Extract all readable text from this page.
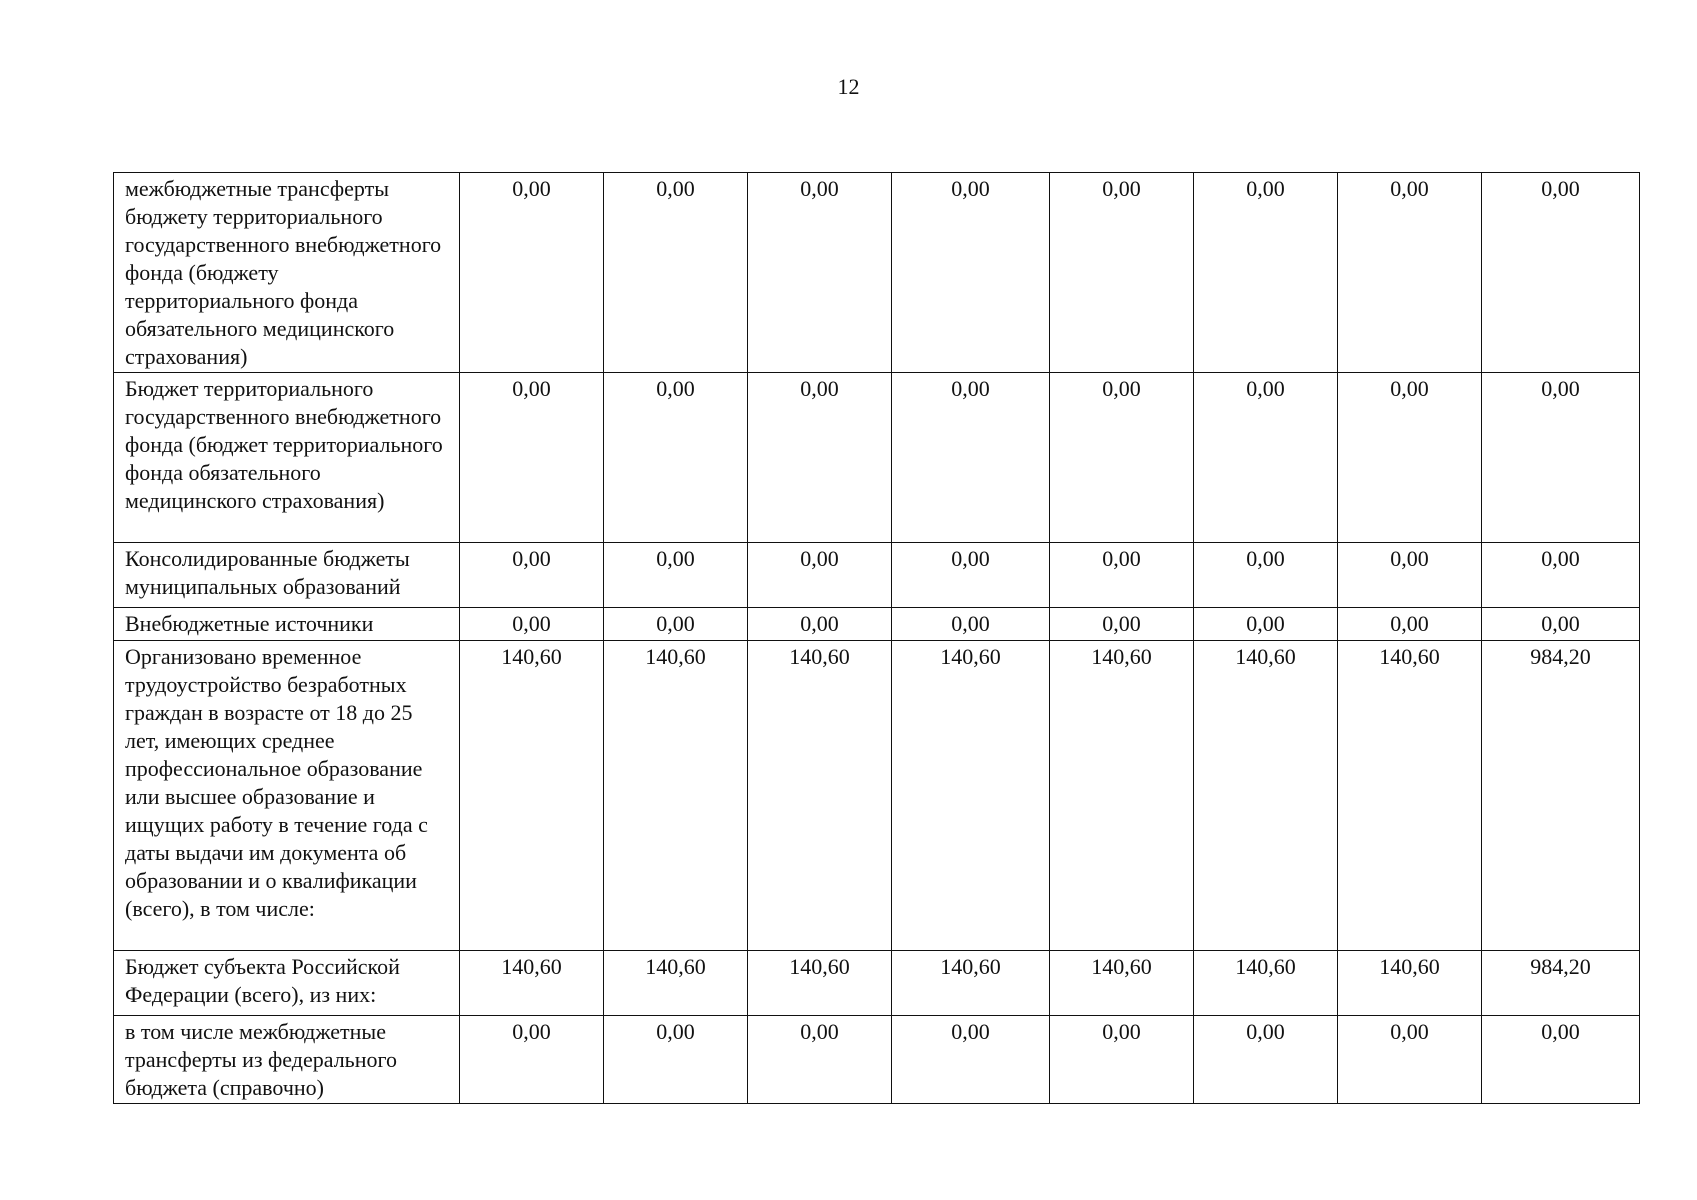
12
межбюджетные трансферты бюджету территориального государственного внебюджетного фонда (бюджету территориального фонда обязательного медицинского страхования)	0,00	0,00	0,00	0,00	0,00	0,00	0,00	0,00
Бюджет территориального государственного внебюджетного фонда (бюджет территориального фонда обязательного медицинского страхования)	0,00	0,00	0,00	0,00	0,00	0,00	0,00	0,00
Консолидированные бюджеты муниципальных образований	0,00	0,00	0,00	0,00	0,00	0,00	0,00	0,00
Внебюджетные источники	0,00	0,00	0,00	0,00	0,00	0,00	0,00	0,00
Организовано временное трудоустройство безработных граждан в возрасте от 18 до 25 лет, имеющих среднее профессиональное образование или высшее образование и ищущих работу в течение года с даты выдачи им документа об образовании и о квалификации (всего), в том числе:	140,60	140,60	140,60	140,60	140,60	140,60	140,60	984,20
Бюджет субъекта Российской Федерации (всего), из них:	140,60	140,60	140,60	140,60	140,60	140,60	140,60	984,20
в том числе межбюджетные трансферты из федерального бюджета (справочно)	0,00	0,00	0,00	0,00	0,00	0,00	0,00	0,00
